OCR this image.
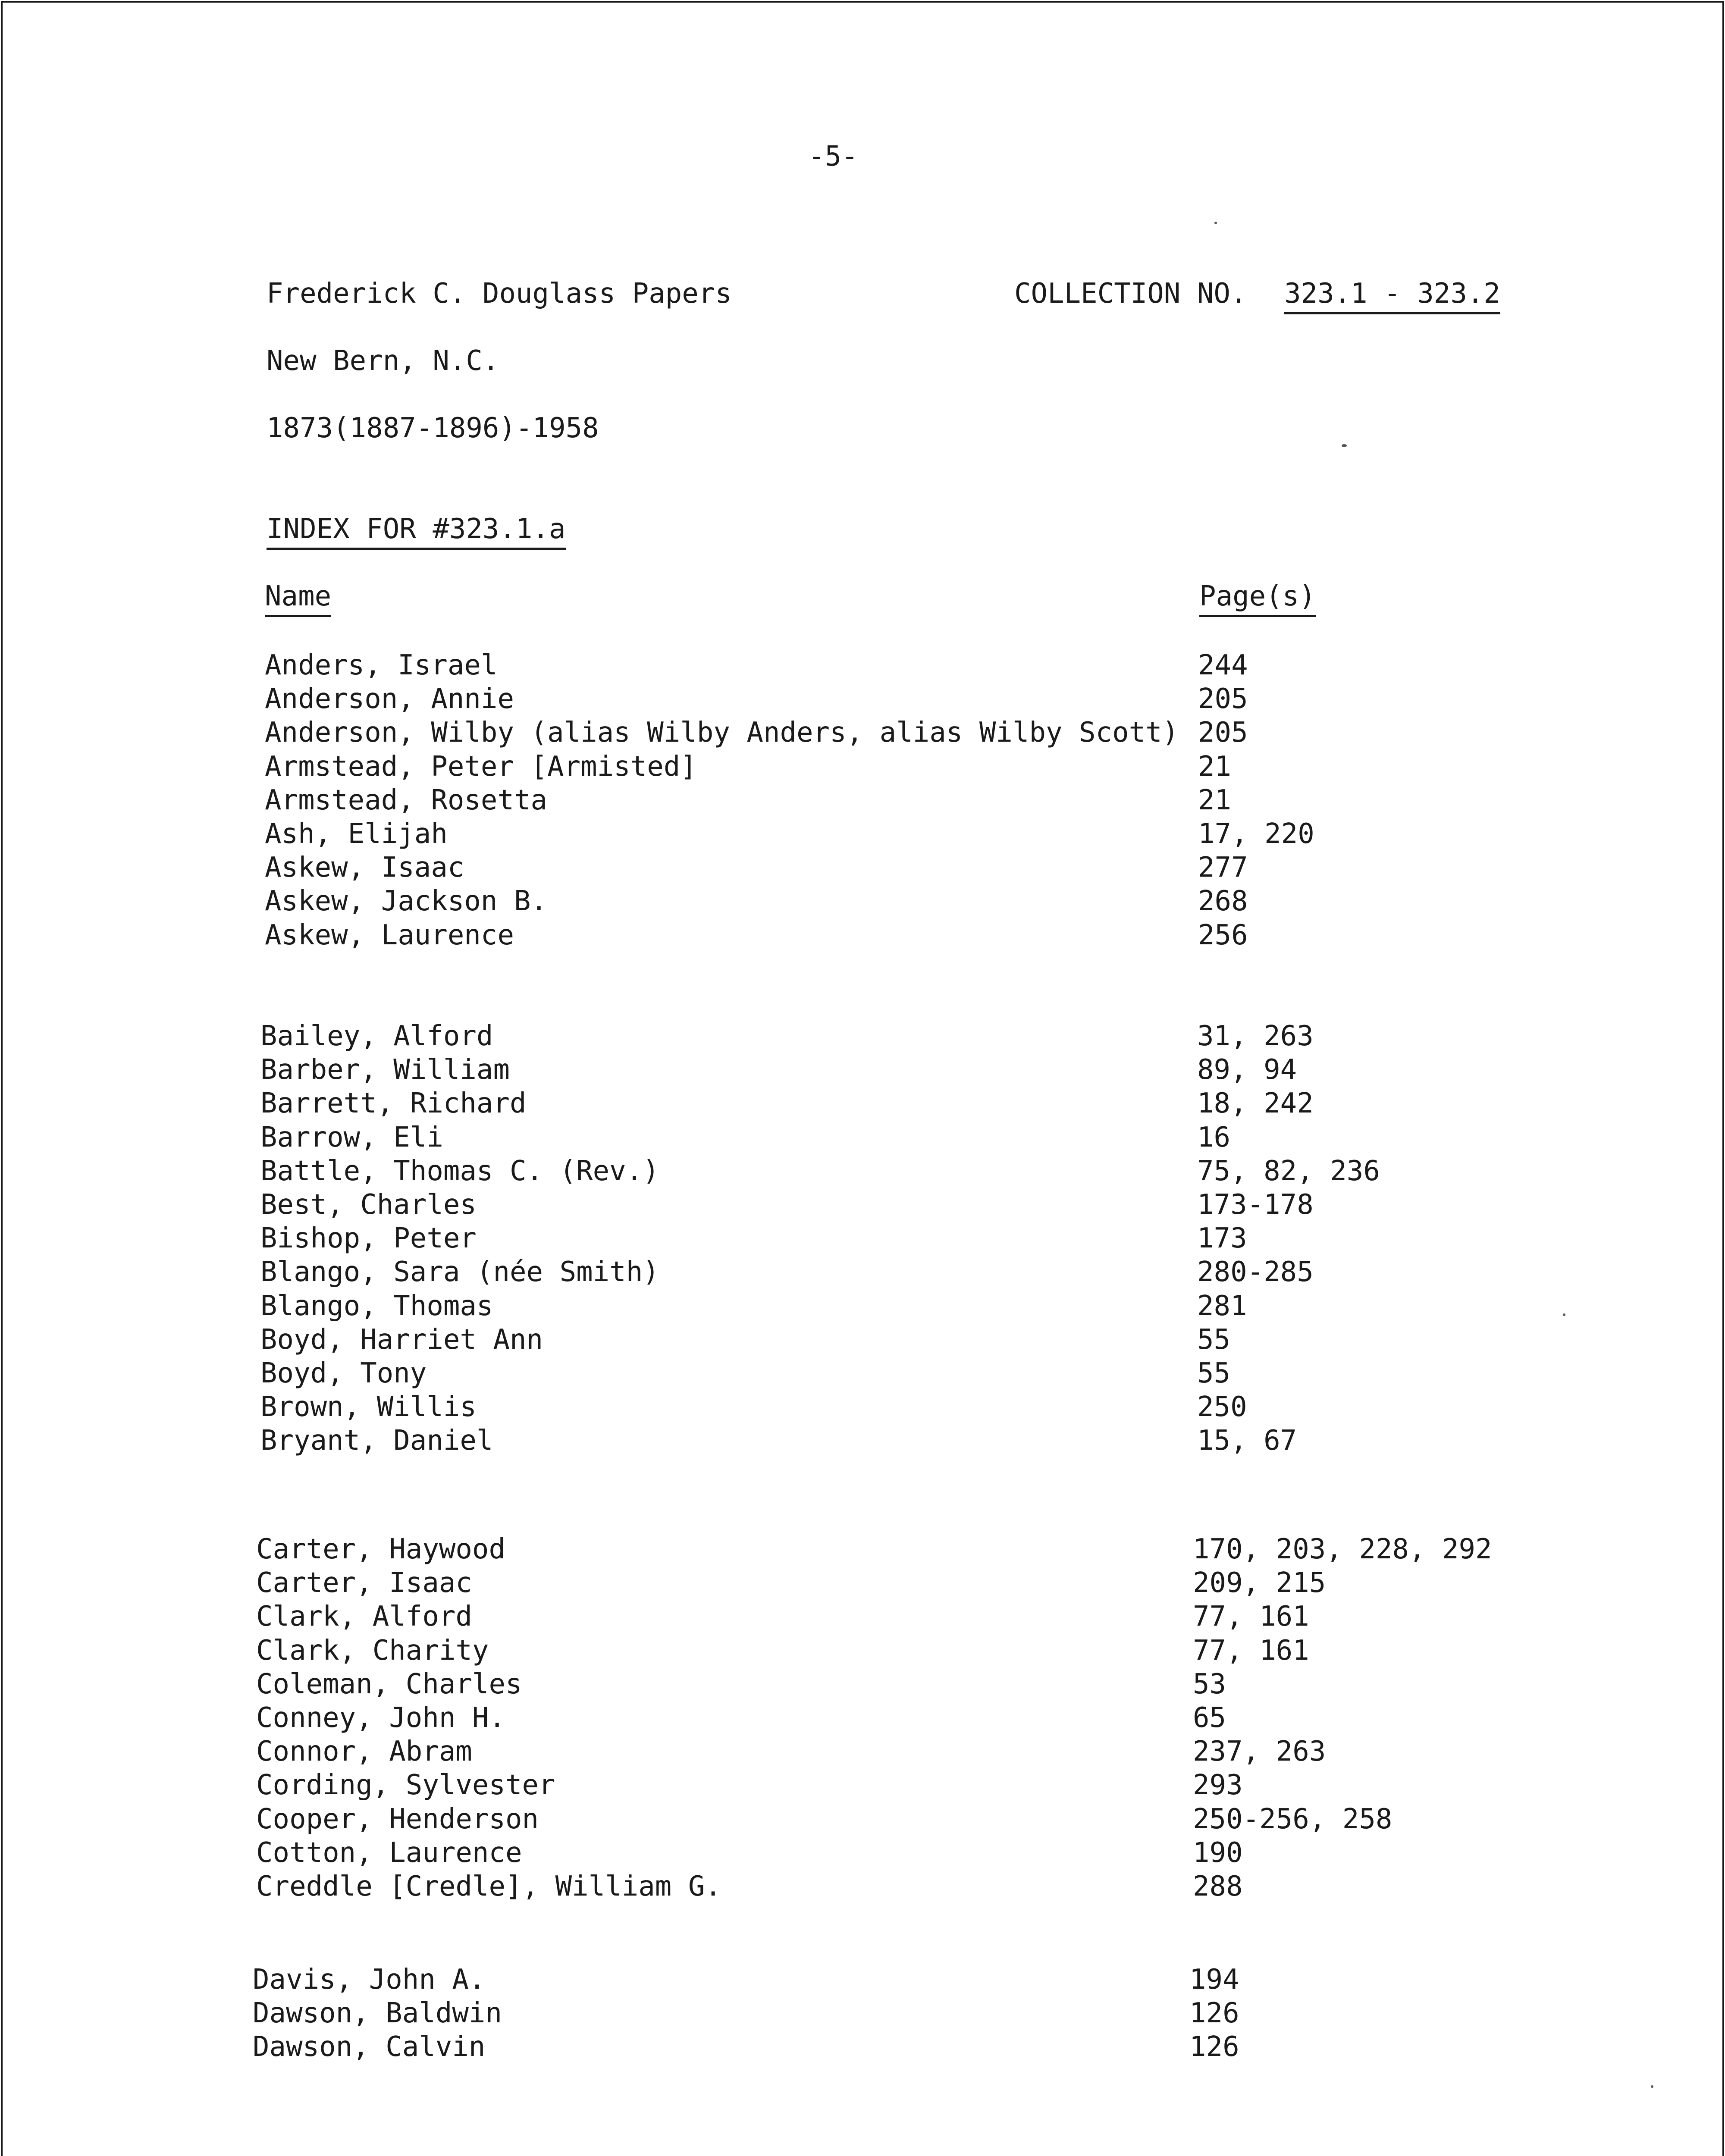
-5-
Frederick C. Douglass Papers	COLLECTION NO. 323.1 - 323.2
New Bern, N.C.
1873(1887-1896)-1958
INDEX FOR #323.1.a
Name	Page(s)
Anders, Israel	244
Anderson, Annie	205
Anderson, Wilby (alias Wilby Anders, alias Wilby Scott) 205
Armstead, Peter [Armisted]	21
Armstead, Rosetta	21
Ash, Elijah	17, 220
Askew, Isaac	277
Askew, Jackson B.	268
Askew, Laurence	256
Bailey, Alford	31, 263
Barber, William	89, 94
Barrett, Richard	18, 242
Barrow, Eli	16
Battle, Thomas C. (Rev.)	75, 82, 236
Best, Charles	173-178
Bishop, Peter	173
Blango, Sara (née Smith)	280-285
Blango, Thomas	281
Boyd, Harriet Ann	55
Boyd, Tony	55
Brown, Willis	250
Bryant, Daniel	15, 67
Carter, Haywood	170, 203, 228, 292
Carter, Isaac	209, 215
Clark, Alford	77, 161
Clark, Charity	77, 161
Coleman, Charles	53
Conney, John H.	65
Connor, Abram	237, 263
Cording, Sylvester	293
Cooper, Henderson	250-256, 258
Cotton, Laurence	190
Creddle [Credle], William G.	288
Davis, John A.	194
Dawson, Baldwin	126
Dawson, Calvin	126
